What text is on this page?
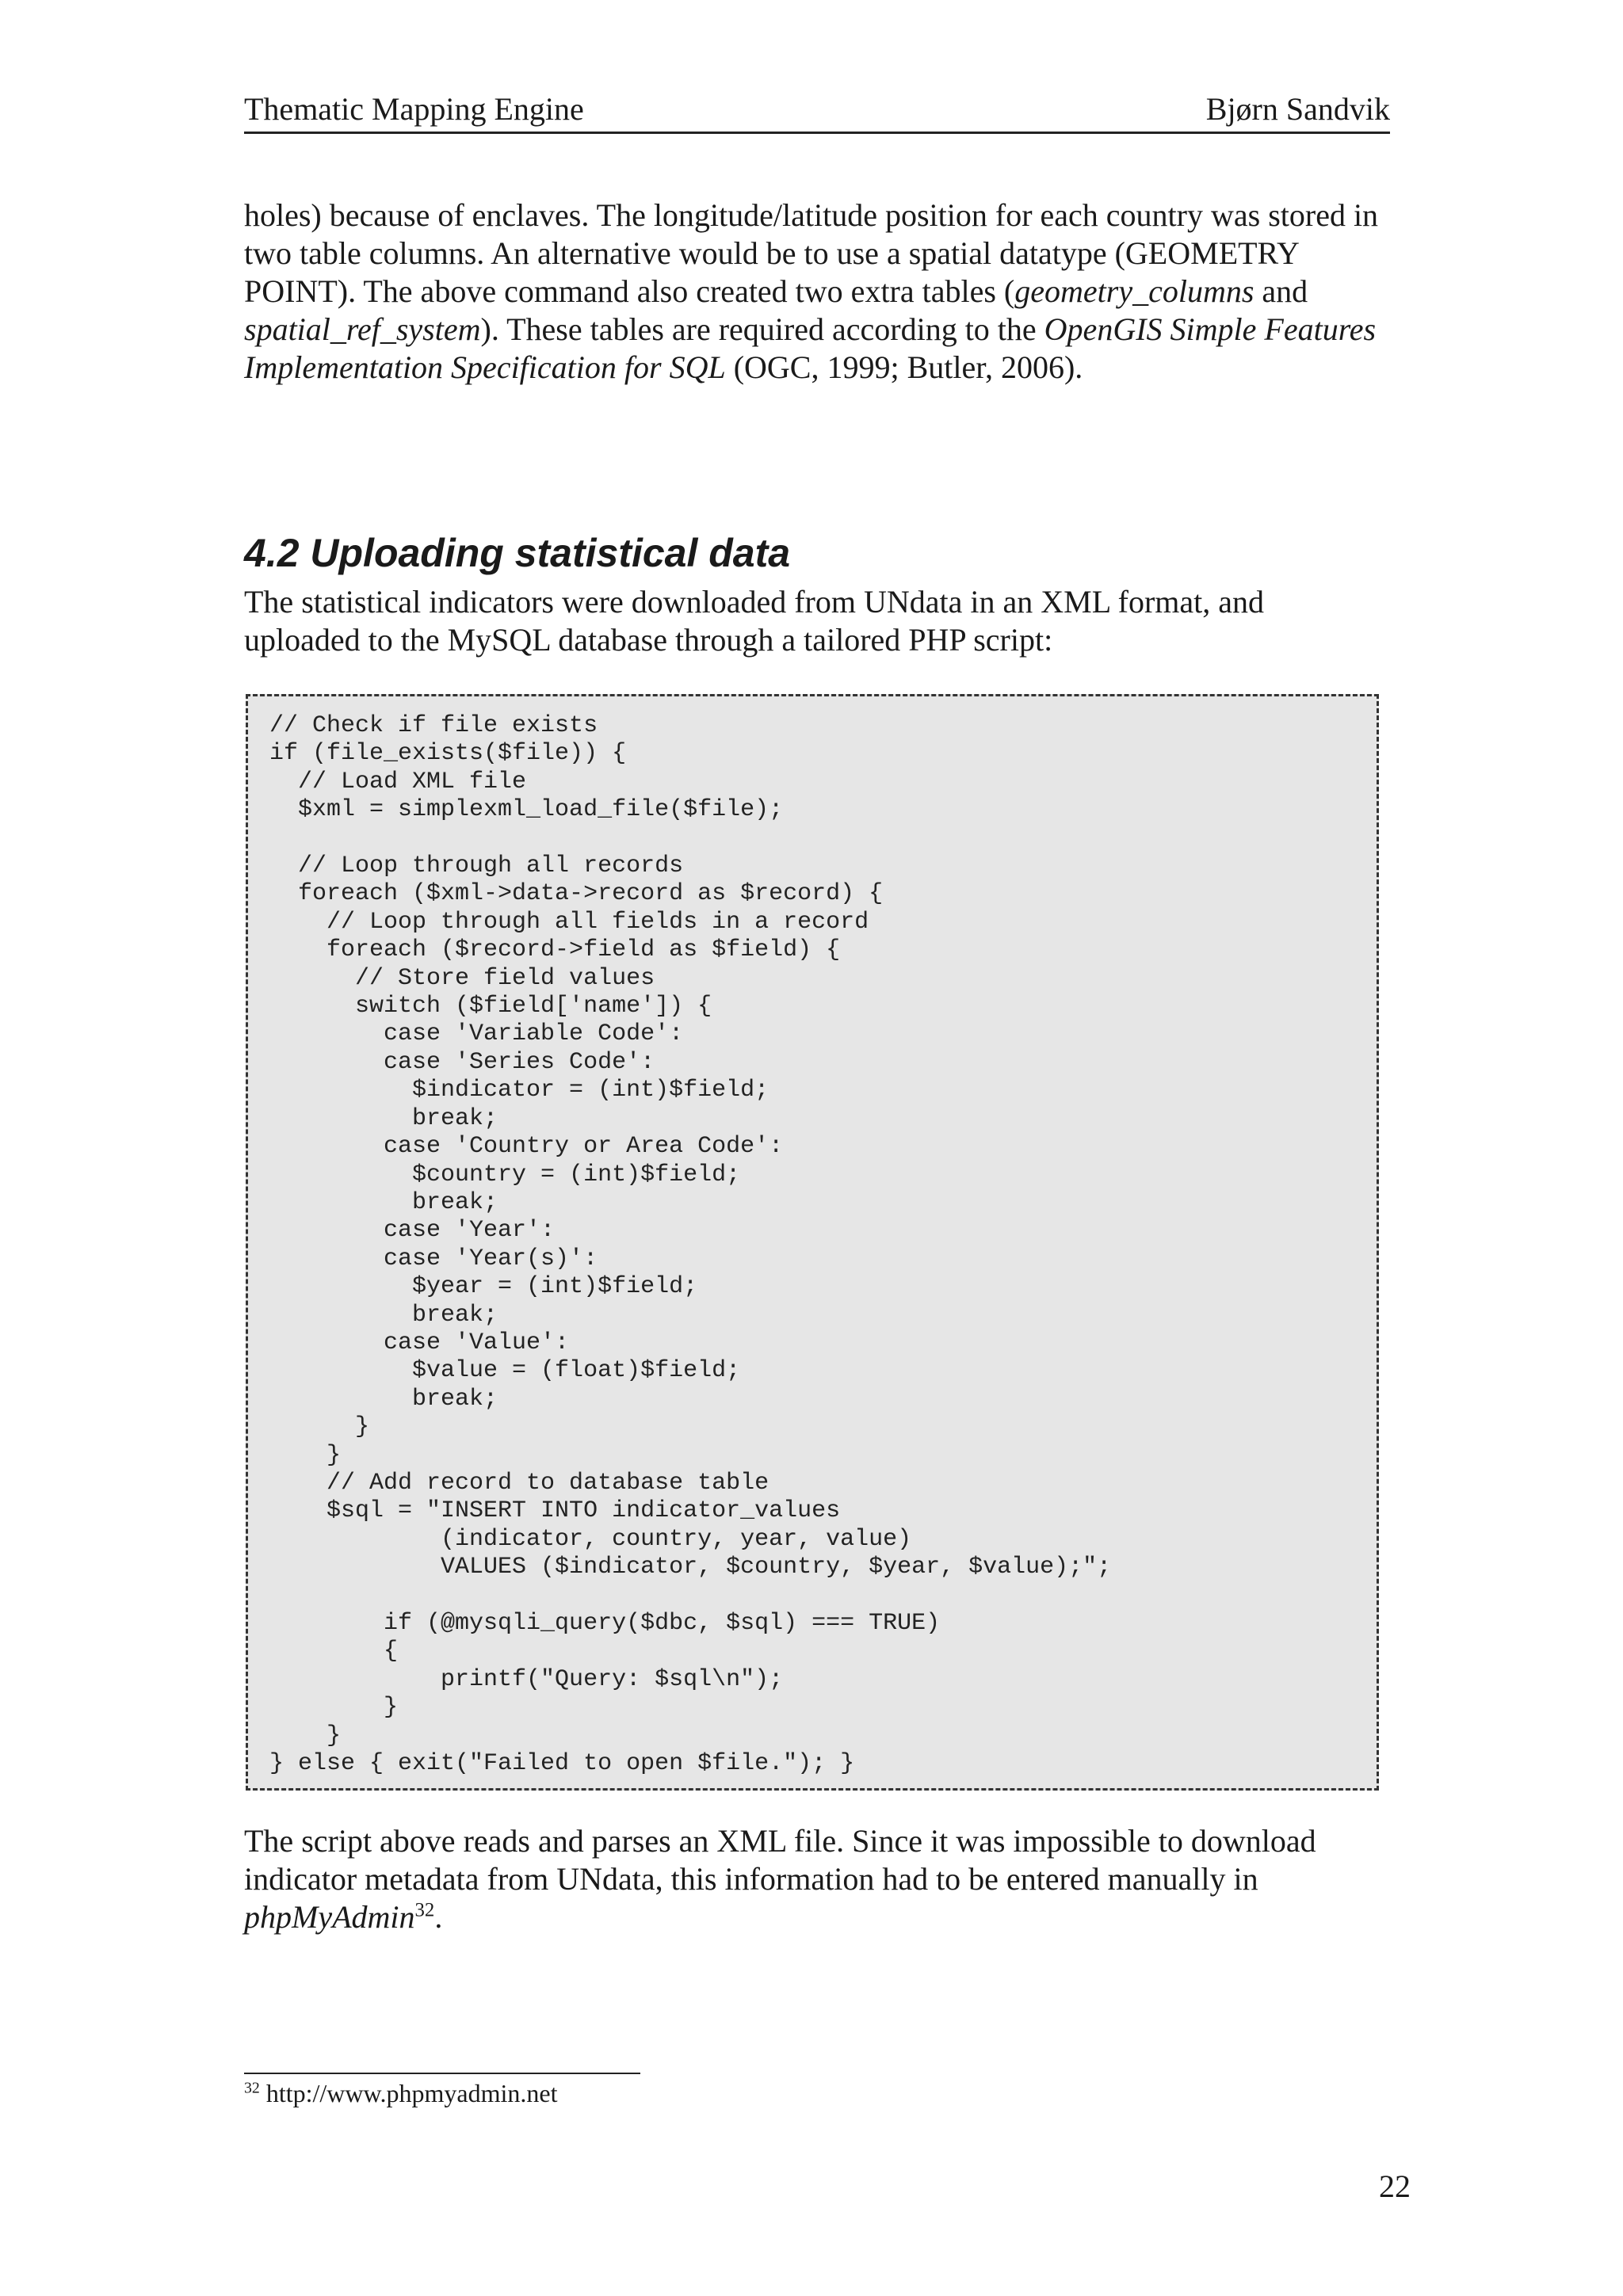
Thematic Mapping Engine	Bjørn Sandvik

holes) because of enclaves. The longitude/latitude position for each country was stored in two table columns. An alternative would be to use a spatial datatype (GEOMETRY POINT). The above command also created two extra tables (geometry_columns and spatial_ref_system). These tables are required according to the OpenGIS Simple Features Implementation Specification for SQL (OGC, 1999; Butler, 2006).

4.2 Uploading statistical data

The statistical indicators were downloaded from UNdata in an XML format, and uploaded to the MySQL database through a tailored PHP script:

// Check if file exists
if (file_exists($file)) {
// Load XML file
$xml = simplexml_load_file($file);

// Loop through all records
foreach ($xml->data->record as $record) {
// Loop through all fields in a record
foreach ($record->field as $field) {
// Store field values
switch ($field['name']) {
case 'Variable Code':
case 'Series Code':
$indicator = (int)$field;
break;
case 'Country or Area Code':
$country = (int)$field;
break;
case 'Year':
case 'Year(s)':
$year = (int)$field;
break;
case 'Value':
$value = (float)$field;
break;
}
}
// Add record to database table
$sql = "INSERT INTO indicator_values
(indicator, country, year, value)
VALUES ($indicator, $country, $year, $value);";

if (@mysqli_query($dbc, $sql) === TRUE)
{
printf("Query: $sql\n");
}
}
} else { exit("Failed to open $file."); }

The script above reads and parses an XML file. Since it was impossible to download indicator metadata from UNdata, this information had to be entered manually in phpMyAdmin$^{32}$.

$^{32}$ http://www.phpmyadmin.net

22
